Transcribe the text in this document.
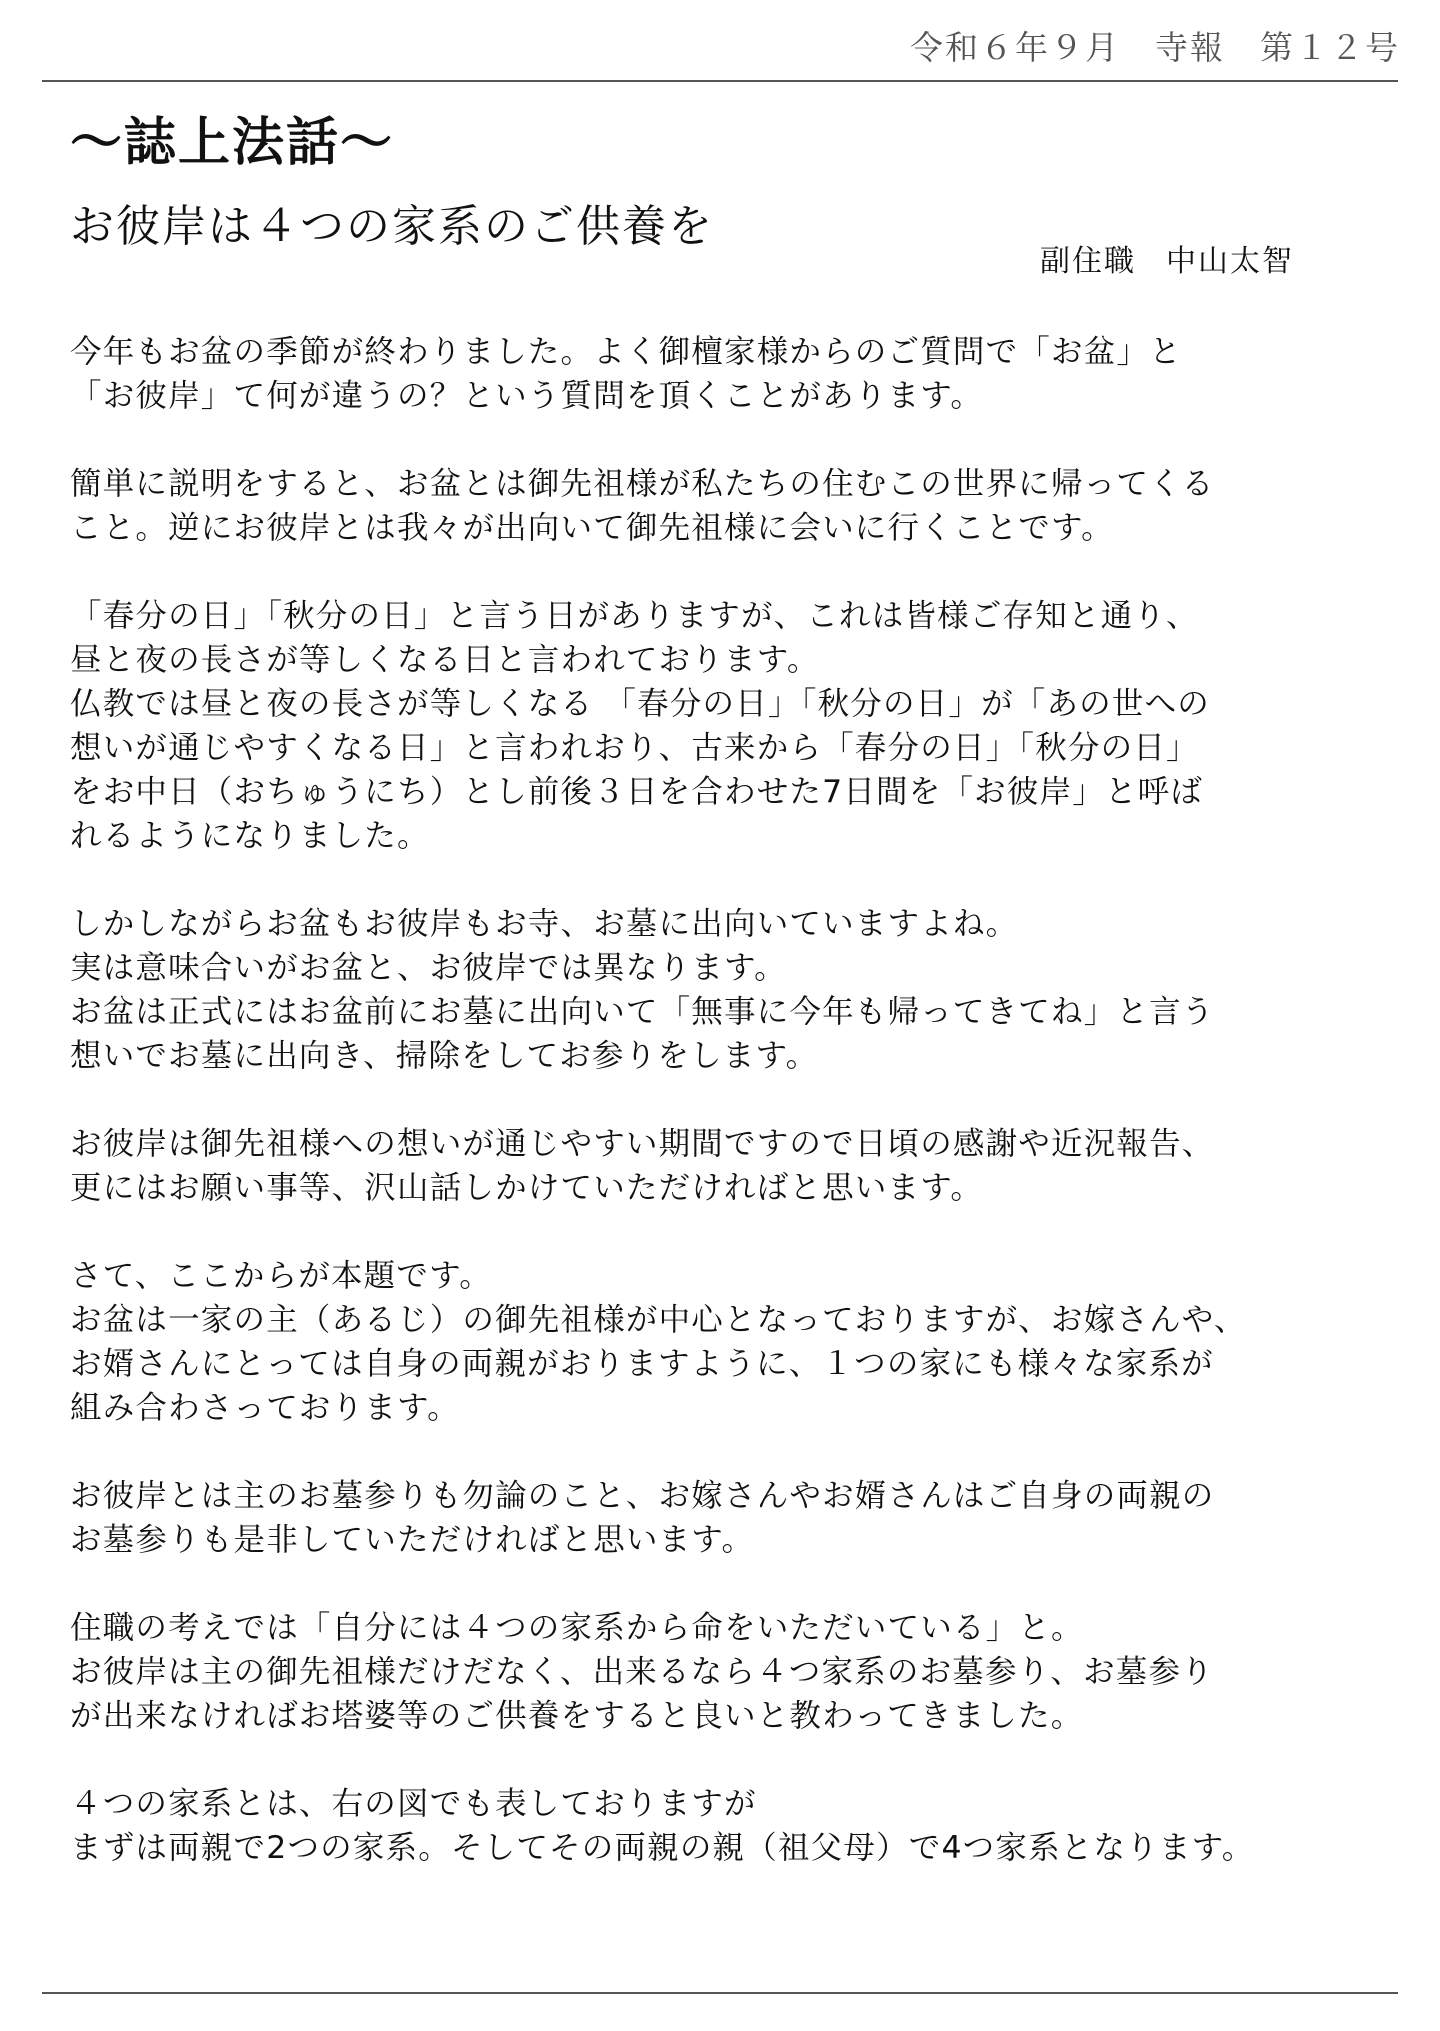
令和６年９月　寺報　第１２号
～誌上法話～
お彼岸は４つの家系のご供養を
副住職 中山太智
今年もお盆の季節が終わりました。よく御檀家様からのご質問で「お盆」と
「お彼岸」て何が違うの？という質問を頂くことがあります。
簡単に説明をすると、お盆とは御先祖様が私たちの住むこの世界に帰ってくる
こと。逆にお彼岸とは我々が出向いて御先祖様に会いに行くことです。
「春分の日」「秋分の日」と言う日がありますが、これは皆様ご存知と通り、
昼と夜の長さが等しくなる日と言われております。
仏教では昼と夜の長さが等しくなる 「春分の日」「秋分の日」が「あの世への
想いが通じやすくなる日」と言われおり、古来から「春分の日」「秋分の日」
をお中日（おちゅうにち）とし前後３日を合わせた7日間を「お彼岸」と呼ば
れるようになりました。
しかしながらお盆もお彼岸もお寺、お墓に出向いていますよね。
実は意味合いがお盆と、お彼岸では異なります。
お盆は正式にはお盆前にお墓に出向いて「無事に今年も帰ってきてね」と言う
想いでお墓に出向き、掃除をしてお参りをします。
お彼岸は御先祖様への想いが通じやすい期間ですので日頃の感謝や近況報告、
更にはお願い事等、沢山話しかけていただければと思います。
さて、ここからが本題です。
お盆は一家の主（あるじ）の御先祖様が中心となっておりますが、お嫁さんや、
お婿さんにとっては自身の両親がおりますように、１つの家にも様々な家系が
組み合わさっております。
お彼岸とは主のお墓参りも勿論のこと、お嫁さんやお婿さんはご自身の両親の
お墓参りも是非していただければと思います。
住職の考えでは「自分には４つの家系から命をいただいている」と。
お彼岸は主の御先祖様だけだなく、出来るなら４つ家系のお墓参り、お墓参り
が出来なければお塔婆等のご供養をすると良いと教わってきました。
４つの家系とは、右の図でも表しておりますが
まずは両親で2つの家系。そしてその両親の親（祖父母）で4つ家系となります。
